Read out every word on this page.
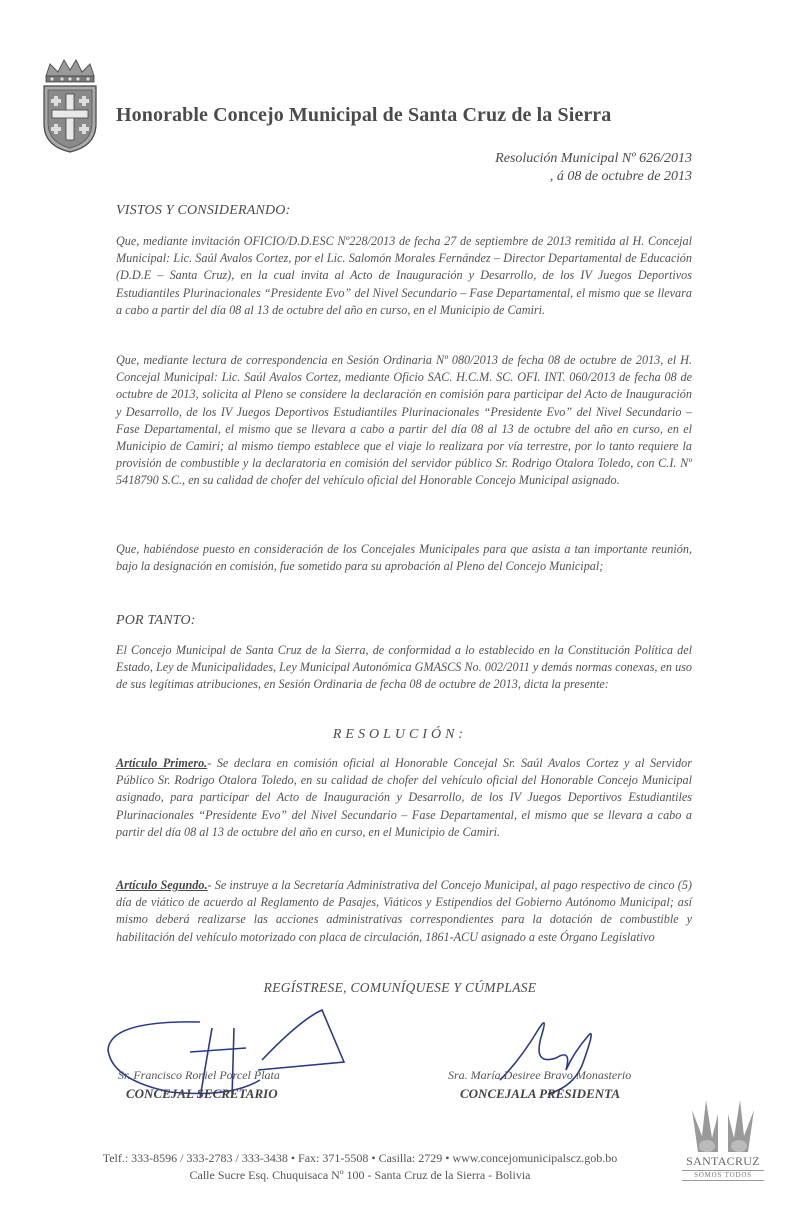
Honorable Concejo Municipal de Santa Cruz de la Sierra
Resolución Municipal Nº 626/2013
, á 08 de octubre de 2013
VISTOS Y CONSIDERANDO:
Que, mediante invitación OFICIO/D.D.ESC Nº228/2013 de fecha 27 de septiembre de 2013 remitida al H. Concejal Municipal: Lic. Saúl Avalos Cortez, por el Lic. Salomón Morales Fernández – Director Departamental de Educación (D.D.E – Santa Cruz), en la cual invita al Acto de Inauguración y Desarrollo, de los IV Juegos Deportivos Estudiantiles Plurinacionales “Presidente Evo” del Nivel Secundario – Fase Departamental, el mismo que se llevara a cabo a partir del día 08 al 13 de octubre del año en curso, en el Municipio de Camiri.
Que, mediante lectura de correspondencia en Sesión Ordinaria Nº 080/2013 de fecha 08 de octubre de 2013, el H. Concejal Municipal: Lic. Saúl Avalos Cortez, mediante Oficio SAC. H.C.M. SC. OFI. INT. 060/2013 de fecha 08 de octubre de 2013, solicita al Pleno se considere la declaración en comisión para participar del Acto de Inauguración y Desarrollo, de los IV Juegos Deportivos Estudiantiles Plurinacionales “Presidente Evo” del Nivel Secundario – Fase Departamental, el mismo que se llevara a cabo a partir del día 08 al 13 de octubre del año en curso, en el Municipio de Camiri; al mismo tiempo establece que el viaje lo realizara por vía terrestre, por lo tanto requiere la provisión de combustible y la declaratoria en comisión del servidor público Sr. Rodrigo Otalora Toledo, con C.I. Nº 5418790 S.C., en su calidad de chofer del vehículo oficial del Honorable Concejo Municipal asignado.
Que, habiéndose puesto en consideración de los Concejales Municipales para que asista a tan importante reunión, bajo la designación en comisión, fue sometido para su aprobación al Pleno del Concejo Municipal;
POR TANTO:
El Concejo Municipal de Santa Cruz de la Sierra, de conformidad a lo establecido en la Constitución Política del Estado, Ley de Municipalidades, Ley Municipal Autonómica GMASCS No. 002/2011 y demás normas conexas, en uso de sus legítimas atribuciones, en Sesión Ordinaria de fecha 08 de octubre de 2013, dicta la presente:
RESOLUCIÓN:
Artículo Primero.- Se declara en comisión oficial al Honorable Concejal Sr. Saúl Avalos Cortez y al Servidor Público Sr. Rodrigo Otalora Toledo, en su calidad de chofer del vehículo oficial del Honorable Concejo Municipal asignado, para participar del Acto de Inauguración y Desarrollo, de los IV Juegos Deportivos Estudiantiles Plurinacionales “Presidente Evo” del Nivel Secundario – Fase Departamental, el mismo que se llevara a cabo a partir del día 08 al 13 de octubre del año en curso, en el Municipio de Camiri.
Artículo Segundo.- Se instruye a la Secretaría Administrativa del Concejo Municipal, al pago respectivo de cinco (5) día de viático de acuerdo al Reglamento de Pasajes, Viáticos y Estipendios del Gobierno Autónomo Municipal; así mismo deberá realizarse las acciones administrativas correspondientes para la dotación de combustible y habilitación del vehículo motorizado con placa de circulación, 1861-ACU asignado a este Órgano Legislativo
REGÍSTRESE, COMUNÍQUESE Y CÚMPLASE
Sr. Francisco Roniel Porcel Plata
CONCEJAL SECRETARIO
Sra. María Desiree Bravo Monasterio
CONCEJALA PRESIDENTA
SANTACRUZ
SOMOS TODOS
Telf.: 333-8596 / 333-2783 / 333-3438 • Fax: 371-5508 • Casilla: 2729 • www.concejomunicipalscz.gob.bo
Calle Sucre Esq. Chuquisaca Nº 100 - Santa Cruz de la Sierra - Bolivia
